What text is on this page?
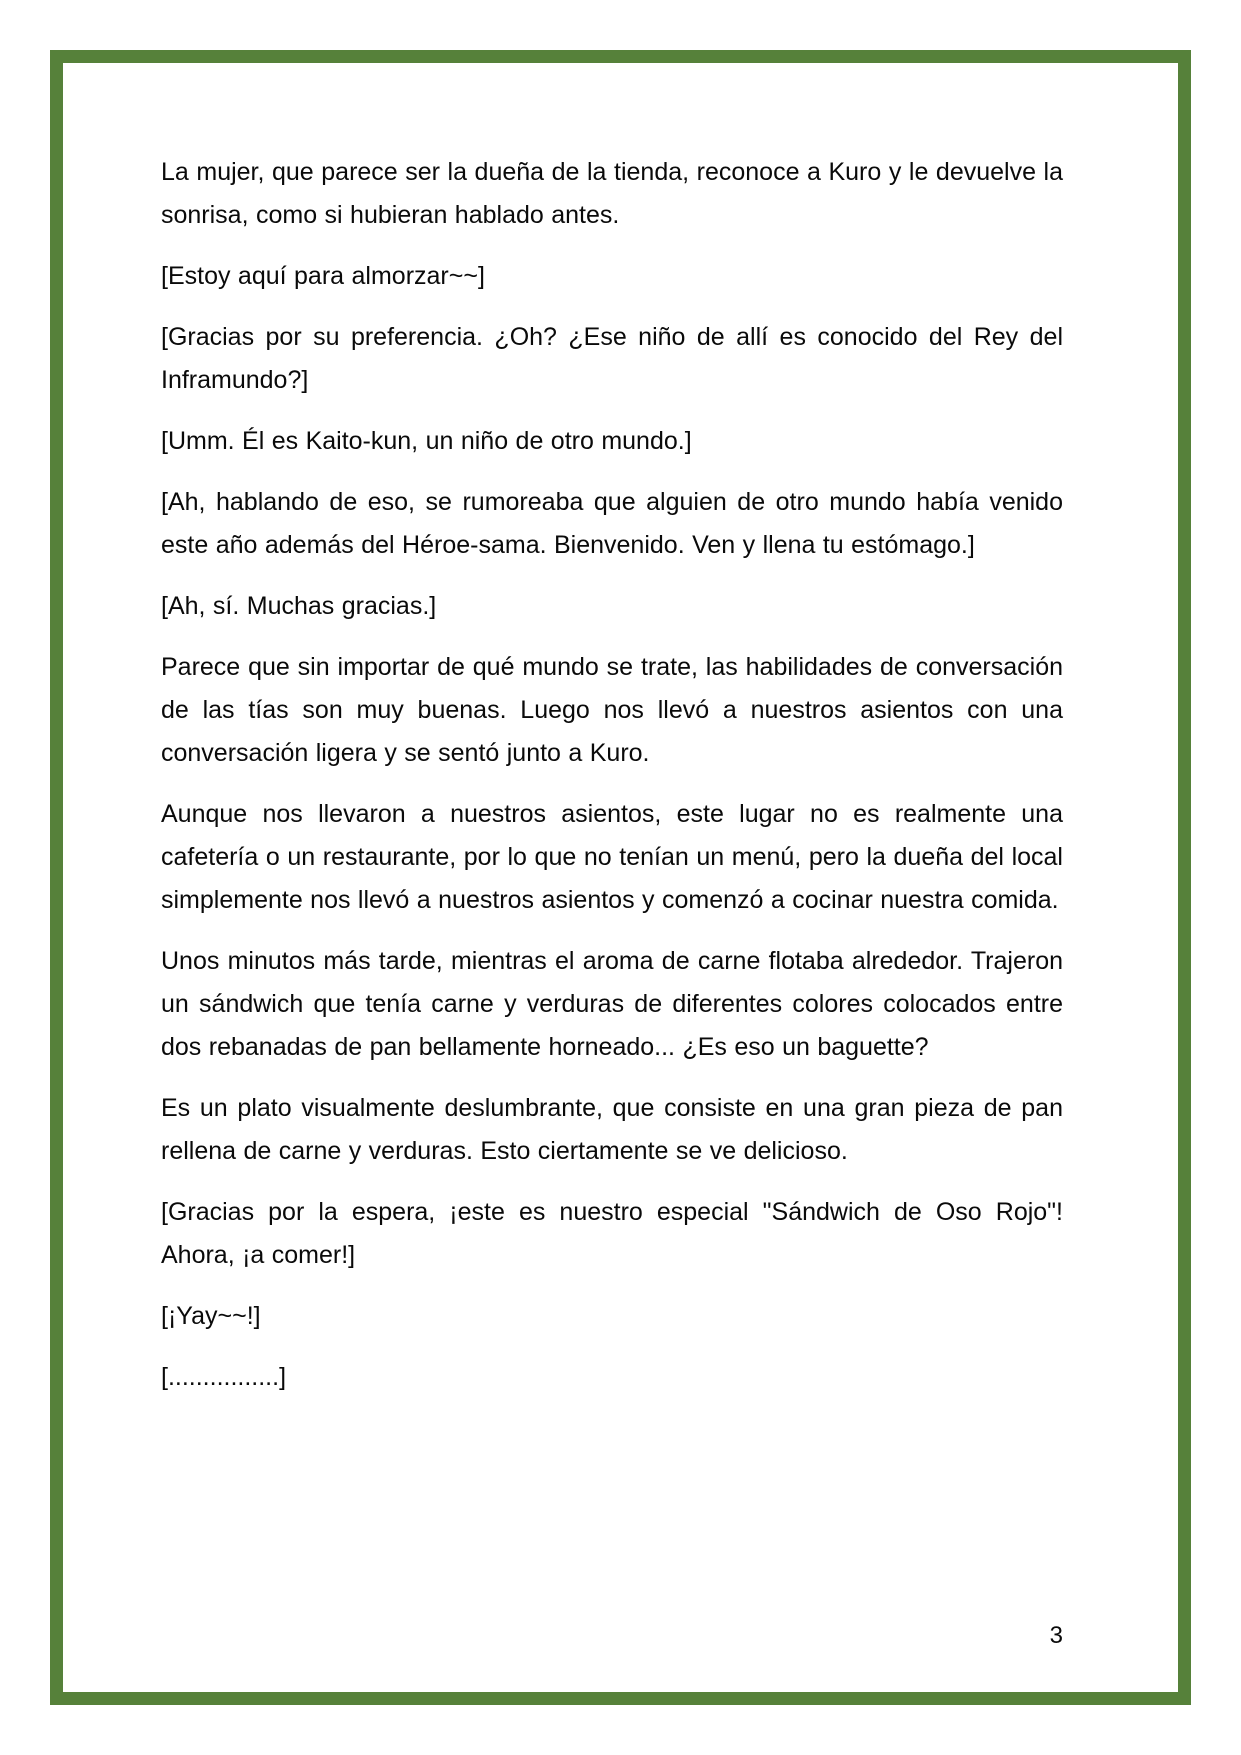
La mujer, que parece ser la dueña de la tienda, reconoce a Kuro y le devuelve la sonrisa, como si hubieran hablado antes.

[Estoy aquí para almorzar~~]

[Gracias por su preferencia. ¿Oh? ¿Ese niño de allí es conocido del Rey del Inframundo?]

[Umm. Él es Kaito-kun, un niño de otro mundo.]

[Ah, hablando de eso, se rumoreaba que alguien de otro mundo había venido este año además del Héroe-sama. Bienvenido. Ven y llena tu estómago.]

[Ah, sí. Muchas gracias.]

Parece que sin importar de qué mundo se trate, las habilidades de conversación de las tías son muy buenas. Luego nos llevó a nuestros asientos con una conversación ligera y se sentó junto a Kuro.

Aunque nos llevaron a nuestros asientos, este lugar no es realmente una cafetería o un restaurante, por lo que no tenían un menú, pero la dueña del local simplemente nos llevó a nuestros asientos y comenzó a cocinar nuestra comida.

Unos minutos más tarde, mientras el aroma de carne flotaba alrededor. Trajeron un sándwich que tenía carne y verduras de diferentes colores colocados entre dos rebanadas de pan bellamente horneado... ¿Es eso un baguette?

Es un plato visualmente deslumbrante, que consiste en una gran pieza de pan rellena de carne y verduras. Esto ciertamente se ve delicioso.

[Gracias por la espera, ¡este es nuestro especial "Sándwich de Oso Rojo"! Ahora, ¡a comer!]

[¡Yay~~!]

[................]

3
